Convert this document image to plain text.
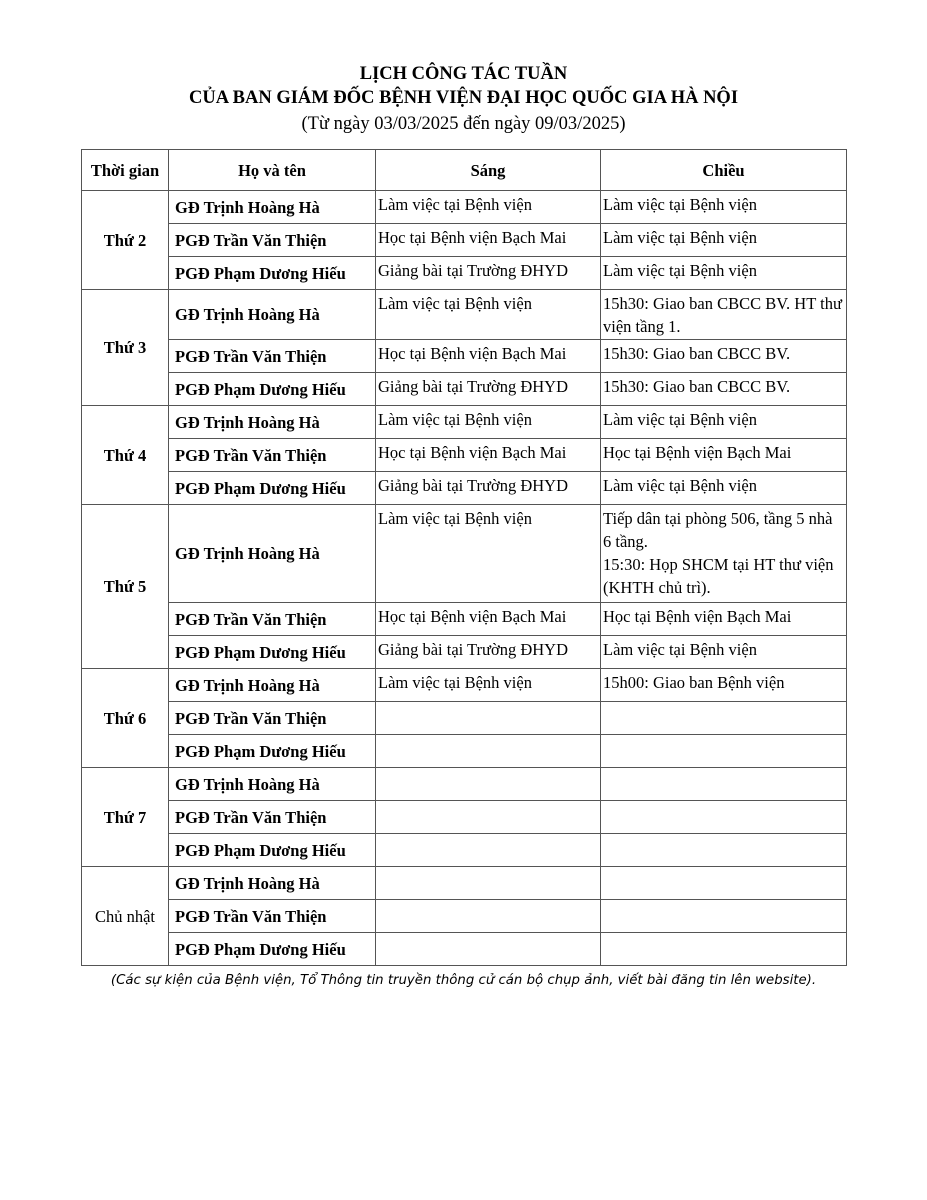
LỊCH CÔNG TÁC TUẦN
CỦA BAN GIÁM ĐỐC BỆNH VIỆN ĐẠI HỌC QUỐC GIA HÀ NỘI
(Từ ngày 03/03/2025 đến ngày 09/03/2025)
Thời gian	Họ và tên	Sáng	Chiều
Thứ 2	GĐ Trịnh Hoàng Hà	Làm việc tại Bệnh viện	Làm việc tại Bệnh viện
	PGĐ Trần Văn Thiện	Học tại Bệnh viện Bạch Mai	Làm việc tại Bệnh viện
	PGĐ Phạm Dương Hiếu	Giảng bài tại Trường ĐHYD	Làm việc tại Bệnh viện
Thứ 3	GĐ Trịnh Hoàng Hà	Làm việc tại Bệnh viện	15h30: Giao ban CBCC BV. HT thư viện tầng 1.
	PGĐ Trần Văn Thiện	Học tại Bệnh viện Bạch Mai	15h30: Giao ban CBCC BV.
	PGĐ Phạm Dương Hiếu	Giảng bài tại Trường ĐHYD	15h30: Giao ban CBCC BV.
Thứ 4	GĐ Trịnh Hoàng Hà	Làm việc tại Bệnh viện	Làm việc tại Bệnh viện
	PGĐ Trần Văn Thiện	Học tại Bệnh viện Bạch Mai	Học tại Bệnh viện Bạch Mai
	PGĐ Phạm Dương Hiếu	Giảng bài tại Trường ĐHYD	Làm việc tại Bệnh viện
Thứ 5	GĐ Trịnh Hoàng Hà	Làm việc tại Bệnh viện	Tiếp dân tại phòng 506, tầng 5 nhà 6 tầng.
15:30: Họp SHCM tại HT thư viện (KHTH chủ trì).

	PGĐ Trần Văn Thiện	Học tại Bệnh viện Bạch Mai	Học tại Bệnh viện Bạch Mai
	PGĐ Phạm Dương Hiếu	Giảng bài tại Trường ĐHYD	Làm việc tại Bệnh viện
Thứ 6	GĐ Trịnh Hoàng Hà	Làm việc tại Bệnh viện	15h00: Giao ban Bệnh viện
	PGĐ Trần Văn Thiện		
	PGĐ Phạm Dương Hiếu		
Thứ 7	GĐ Trịnh Hoàng Hà		
	PGĐ Trần Văn Thiện		
	PGĐ Phạm Dương Hiếu		
Chủ nhật	GĐ Trịnh Hoàng Hà		
	PGĐ Trần Văn Thiện		
	PGĐ Phạm Dương Hiếu		
(Các sự kiện của Bệnh viện, Tổ Thông tin truyền thông cử cán bộ chụp ảnh, viết bài đăng tin lên website).
